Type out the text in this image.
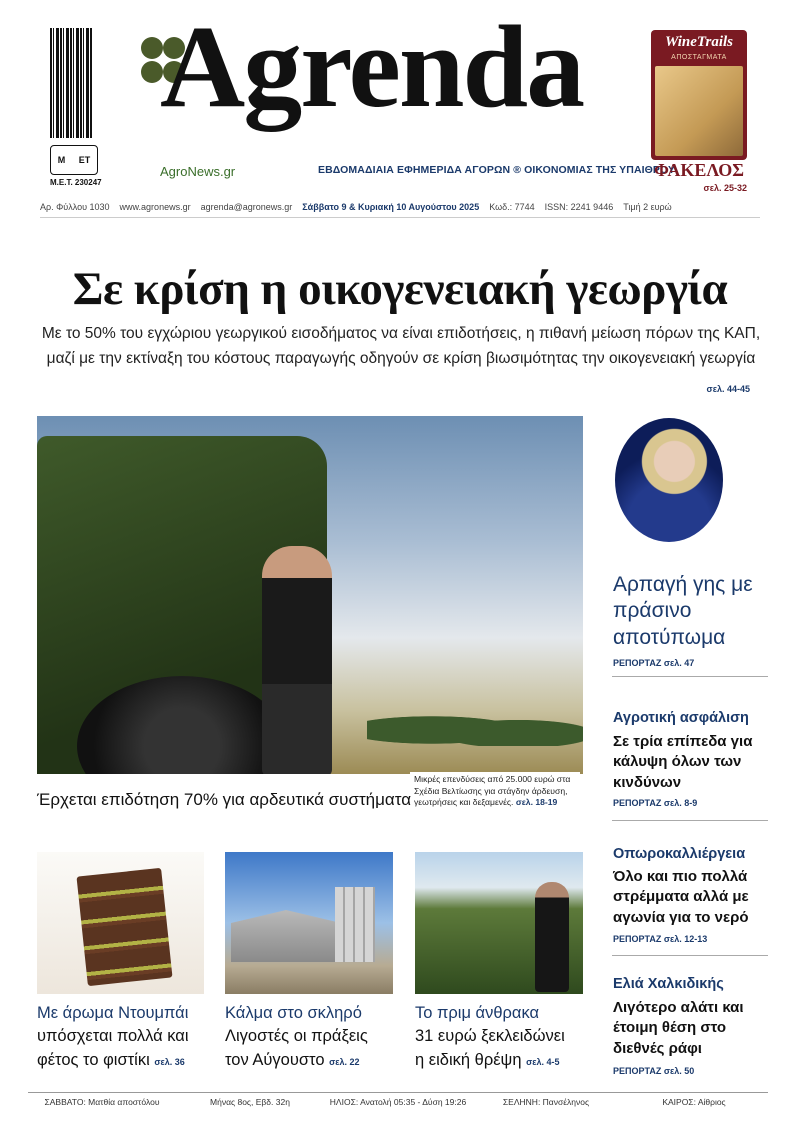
Μ ΕΤ
Μ.Ε.Τ. 230247
Agrenda
AgroNews.gr	ΕΒΔΟΜΑΔΙΑΙΑ ΕΦΗΜΕΡΙΔΑ ΑΓΟΡΩΝ ® ΟΙΚΟΝΟΜΙΑΣ ΤΗΣ ΥΠΑΙΘΡΟΥ
WineTrails
ΑΠΟΣΤΑΓΜΑΤΑ
ΦΑΚΕΛΟΣ
σελ. 25-32
Αρ. Φύλλου 1030 www.agronews.gr agrenda@agronews.gr Σάββατο 9 & Κυριακή 10 Αυγούστου 2025 Κωδ.: 7744 ISSN: 2241 9446 Τιμή 2 ευρώ
Σε κρίση η οικογενειακή γεωργία
Με το 50% του εγχώριου γεωργικού εισοδήματος να είναι επιδοτήσεις, η πιθανή μείωση πόρων της ΚΑΠ, μαζί με την εκτίναξη του κόστους παραγωγής οδηγούν σε κρίση βιωσιμότητας την οικογενειακή γεωργία
σελ. 44-45
Μικρές επενδύσεις από 25.000 ευρώ στα Σχέδια Βελτίωσης για στάγδην άρδευση, γεωτρήσεις και δεξαμενές. σελ. 18-19
Έρχεται επιδότηση 70% για αρδευτικά συστήματα
Αρπαγή γης με πράσινο αποτύπωμα
ΡΕΠΟΡΤΑΖ σελ. 47
Αγροτική ασφάλιση
Σε τρία επίπεδα για κάλυψη όλων των κινδύνων
ΡΕΠΟΡΤΑΖ σελ. 8-9
Οπωροκαλλιέργεια
Όλο και πιο πολλά στρέμματα αλλά με αγωνία για το νερό
ΡΕΠΟΡΤΑΖ σελ. 12-13
Ελιά Χαλκιδικής
Λιγότερο αλάτι και έτοιμη θέση στο διεθνές ράφι
ΡΕΠΟΡΤΑΖ σελ. 50
Με άρωμα Ντουμπάι
υπόσχεται πολλά και
φέτος το φιστίκι σελ. 36
Κάλμα στο σκληρό
Λιγοστές οι πράξεις
τον Αύγουστο σελ. 22
Το πριμ άνθρακα
31 ευρώ ξεκλειδώνει
η ειδική θρέψη σελ. 4-5
ΣΑΒΒΑΤΟ: Ματθία αποστόλου	Μήνας 8ος, Εβδ. 32η	ΗΛΙΟΣ: Ανατολή 05:35 - Δύση 19:26	ΣΕΛΗΝΗ: Πανσέληνος	ΚΑΙΡΟΣ: Αίθριος
